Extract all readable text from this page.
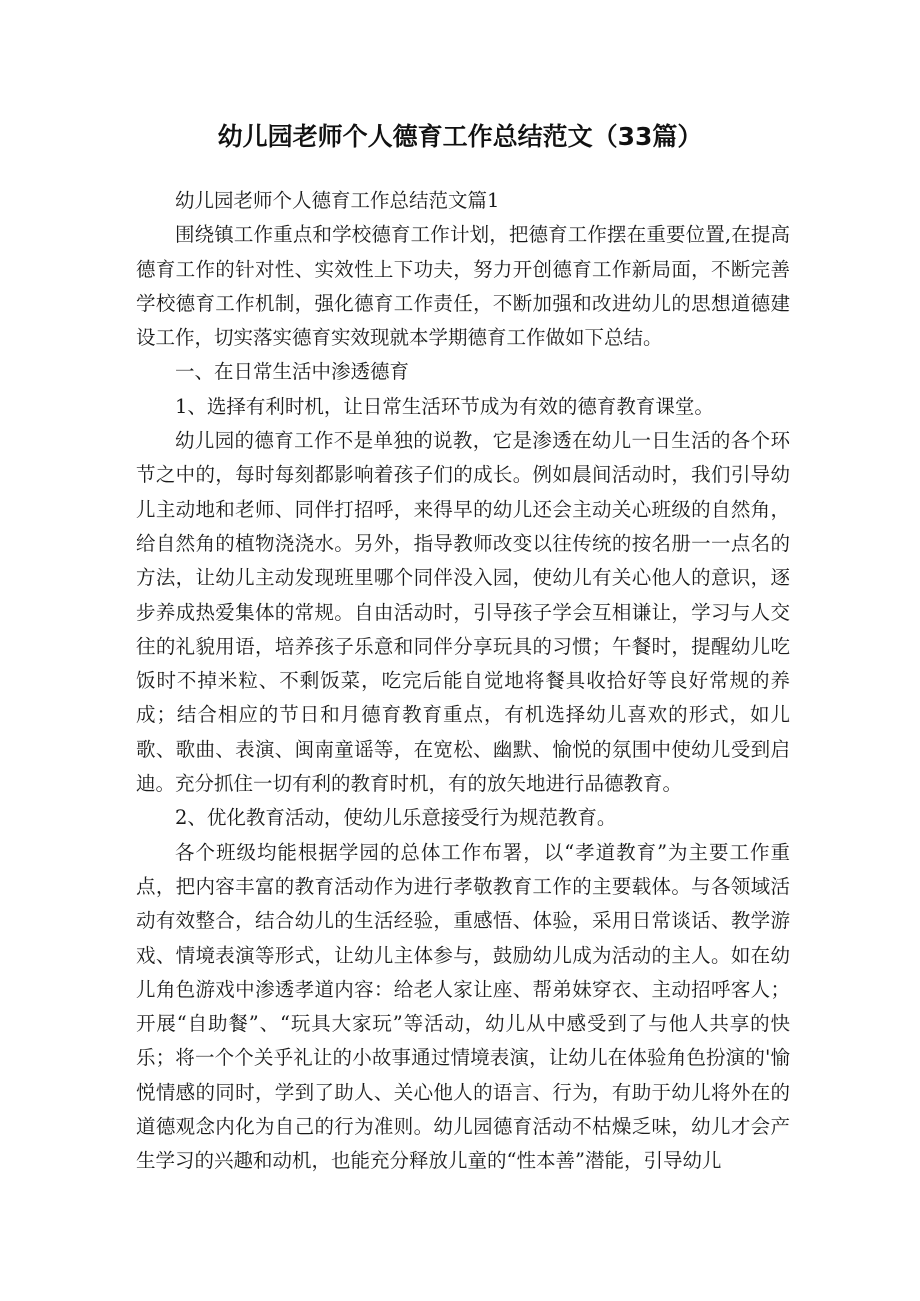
幼儿园老师个人德育工作总结范文（33篇）

幼儿园老师个人德育工作总结范文篇1

围绕镇工作重点和学校德育工作计划，把德育工作摆在重要位置,在提高德育工作的针对性、实效性上下功夫，努力开创德育工作新局面，不断完善学校德育工作机制，强化德育工作责任，不断加强和改进幼儿的思想道德建设工作，切实落实德育实效现就本学期德育工作做如下总结。

一、在日常生活中渗透德育

1、选择有利时机，让日常生活环节成为有效的德育教育课堂。

幼儿园的德育工作不是单独的说教，它是渗透在幼儿一日生活的各个环节之中的，每时每刻都影响着孩子们的成长。例如晨间活动时，我们引导幼儿主动地和老师、同伴打招呼，来得早的幼儿还会主动关心班级的自然角，给自然角的植物浇浇水。另外，指导教师改变以往传统的按名册一一点名的方法，让幼儿主动发现班里哪个同伴没入园，使幼儿有关心他人的意识，逐步养成热爱集体的常规。自由活动时，引导孩子学会互相谦让，学习与人交往的礼貌用语，培养孩子乐意和同伴分享玩具的习惯；午餐时，提醒幼儿吃饭时不掉米粒、不剩饭菜，吃完后能自觉地将餐具收拾好等良好常规的养成；结合相应的节日和月德育教育重点，有机选择幼儿喜欢的形式，如儿歌、歌曲、表演、闽南童谣等，在宽松、幽默、愉悦的氛围中使幼儿受到启迪。充分抓住一切有利的教育时机，有的放矢地进行品德教育。

2、优化教育活动，使幼儿乐意接受行为规范教育。

各个班级均能根据学园的总体工作布署，以“孝道教育”为主要工作重点，把内容丰富的教育活动作为进行孝敬教育工作的主要载体。与各领域活动有效整合，结合幼儿的生活经验，重感悟、体验，采用日常谈话、教学游戏、情境表演等形式，让幼儿主体参与，鼓励幼儿成为活动的主人。如在幼儿角色游戏中渗透孝道内容：给老人家让座、帮弟妹穿衣、主动招呼客人；开展“自助餐”、“玩具大家玩”等活动，幼儿从中感受到了与他人共享的快乐；将一个个关乎礼让的小故事通过情境表演，让幼儿在体验角色扮演的'愉悦情感的同时，学到了助人、关心他人的语言、行为，有助于幼儿将外在的道德观念内化为自己的行为准则。幼儿园德育活动不枯燥乏味，幼儿才会产生学习的兴趣和动机，也能充分释放儿童的“性本善”潜能，引导幼儿
